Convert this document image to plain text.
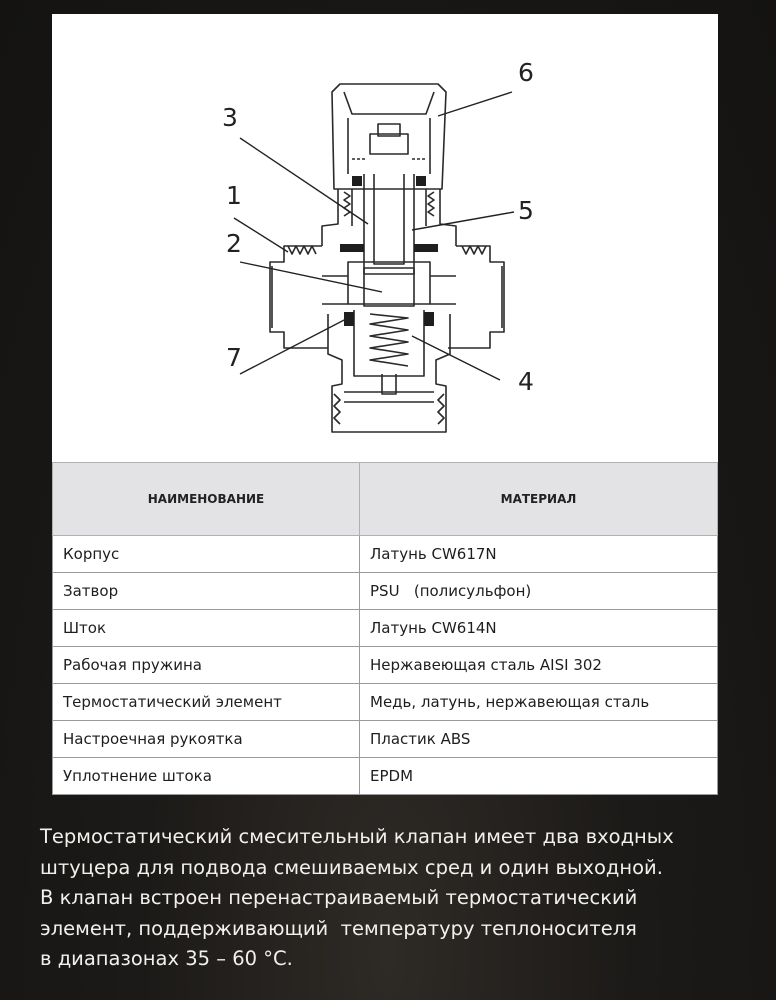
3
1
2
6
5
4
7
НАИМЕНОВАНИЕ	МАТЕРИАЛ
Корпус	Латунь CW617N
Затвор	PSU   (полисульфон)
Шток	Латунь CW614N
Рабочая пружина	Нержавеющая сталь AISI 302
Термостатический элемент	Медь, латунь, нержавеющая сталь
Настроечная рукоятка	Пластик ABS
Уплотнение штока	EPDM
Термостатический смесительный клапан имеет два входных
штуцера для подвода смешиваемых сред и один выходной.
В клапан встроен перенастраиваемый термостатический
элемент, поддерживающий  температуру теплоносителя
в диапазонах 35 – 60 °С.
